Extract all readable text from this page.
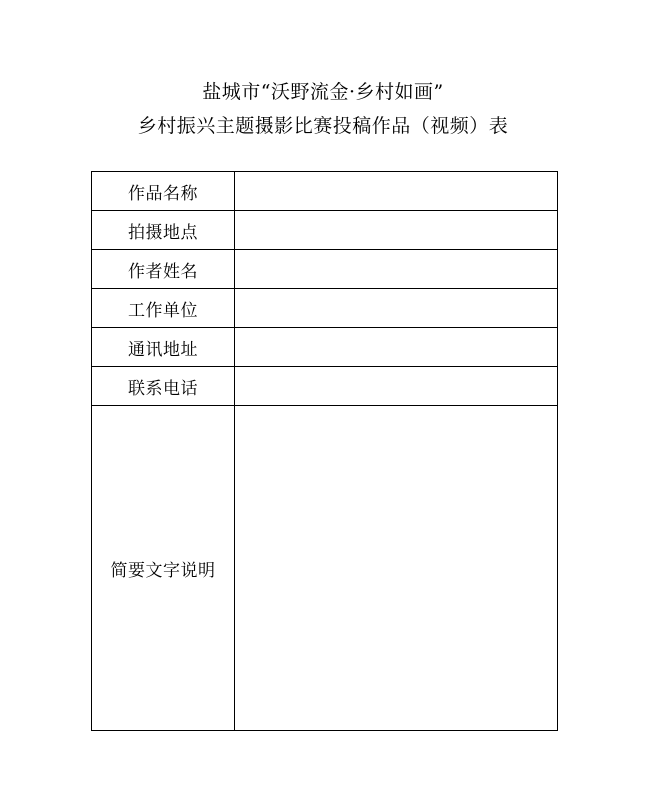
盐城市“沃野流金·乡村如画”
乡村振兴主题摄影比赛投稿作品（视频）表
作品名称	
拍摄地点	
作者姓名	
工作单位	
通讯地址	
联系电话	
简要文字说明	
